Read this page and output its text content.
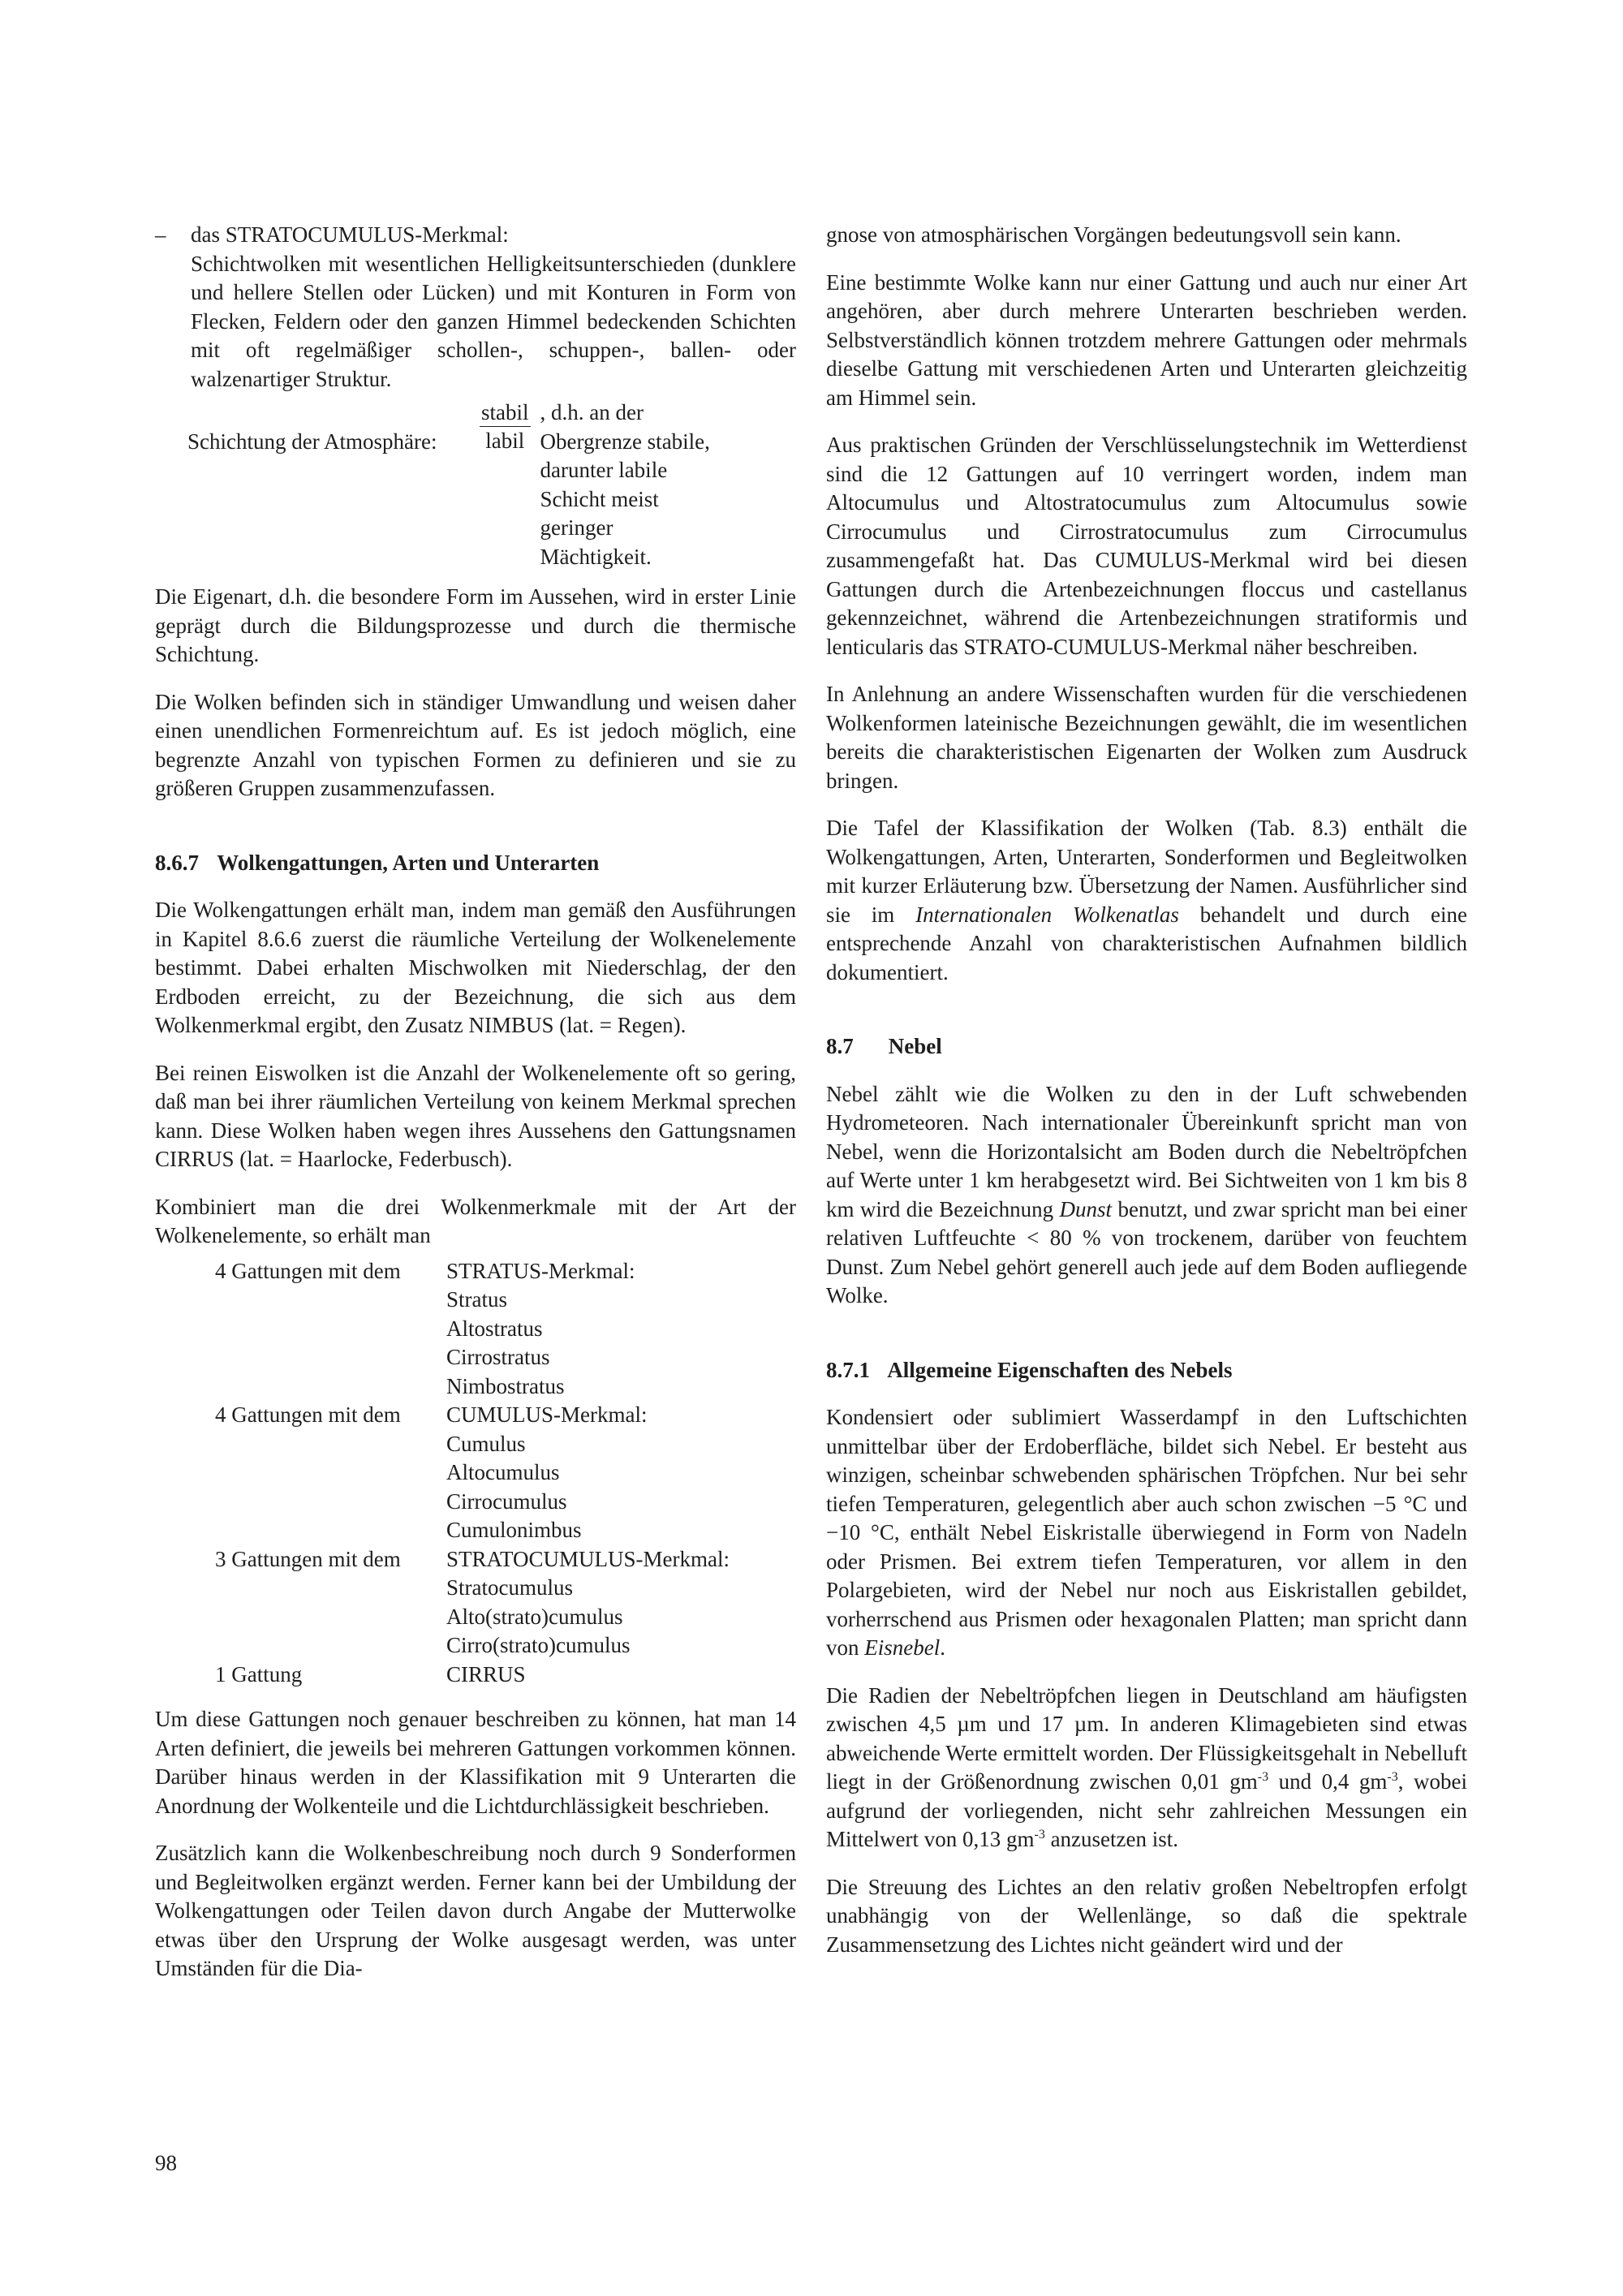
–	das STRATOCUMULUS-Merkmal:
Schichtwolken mit wesentlichen Helligkeitsunterschieden (dunklere und hellere Stellen oder Lücken) und mit Konturen in Form von Flecken, Feldern oder den ganzen Himmel bedeckenden Schichten mit oft regelmäßiger schollen-, schuppen-, ballen- oder walzenartiger Struktur.
Schichtung der Atmosphäre:	$\frac{\text{stabil}}{\text{labil}}$ , d.h. an der Obergrenze stabile, darunter labile Schicht meist geringer Mächtigkeit.

Die Eigenart, d.h. die besondere Form im Aussehen, wird in erster Linie geprägt durch die Bildungsprozesse und durch die thermische Schichtung.

Die Wolken befinden sich in ständiger Umwandlung und weisen daher einen unendlichen Formenreichtum auf. Es ist jedoch möglich, eine begrenzte Anzahl von typischen Formen zu definieren und sie zu größeren Gruppen zusammenzufassen.

8.6.7 Wolkengattungen, Arten und Unterarten

Die Wolkengattungen erhält man, indem man gemäß den Ausführungen in Kapitel 8.6.6 zuerst die räumliche Verteilung der Wolkenelemente bestimmt. Dabei erhalten Mischwolken mit Niederschlag, der den Erdboden erreicht, zu der Bezeichnung, die sich aus dem Wolkenmerkmal ergibt, den Zusatz NIMBUS (lat. = Regen).

Bei reinen Eiswolken ist die Anzahl der Wolkenelemente oft so gering, daß man bei ihrer räumlichen Verteilung von keinem Merkmal sprechen kann. Diese Wolken haben wegen ihres Aussehens den Gattungsnamen CIRRUS (lat. = Haarlocke, Federbusch).

Kombiniert man die drei Wolkenmerkmale mit der Art der Wolkenelemente, so erhält man

4 Gattungen mit dem	STRATUS-Merkmal:
Stratus
Altostratus
Cirrostratus
Nimbostratus
4 Gattungen mit dem	CUMULUS-Merkmal:
Cumulus
Altocumulus
Cirrocumulus
Cumulonimbus
3 Gattungen mit dem	STRATOCUMULUS-Merkmal:
Stratocumulus
Alto(strato)cumulus
Cirro(strato)cumulus
1 Gattung	CIRRUS

Um diese Gattungen noch genauer beschreiben zu können, hat man 14 Arten definiert, die jeweils bei mehreren Gattungen vorkommen können. Darüber hinaus werden in der Klassifikation mit 9 Unterarten die Anordnung der Wolkenteile und die Lichtdurchlässigkeit beschrieben.

Zusätzlich kann die Wolkenbeschreibung noch durch 9 Sonderformen und Begleitwolken ergänzt werden. Ferner kann bei der Umbildung der Wolkengattungen oder Teilen davon durch Angabe der Mutterwolke etwas über den Ursprung der Wolke ausgesagt werden, was unter Umständen für die Dia-

gnose von atmosphärischen Vorgängen bedeutungsvoll sein kann.

Eine bestimmte Wolke kann nur einer Gattung und auch nur einer Art angehören, aber durch mehrere Unterarten beschrieben werden. Selbstverständlich können trotzdem mehrere Gattungen oder mehrmals dieselbe Gattung mit verschiedenen Arten und Unterarten gleichzeitig am Himmel sein.

Aus praktischen Gründen der Verschlüsselungstechnik im Wetterdienst sind die 12 Gattungen auf 10 verringert worden, indem man Altocumulus und Altostratocumulus zum Altocumulus sowie Cirrocumulus und Cirrostratocumulus zum Cirrocumulus zusammengefaßt hat. Das CUMULUS-Merkmal wird bei diesen Gattungen durch die Artenbezeichnungen floccus und castellanus gekennzeichnet, während die Artenbezeichnungen stratiformis und lenticularis das STRATO-CUMULUS-Merkmal näher beschreiben.

In Anlehnung an andere Wissenschaften wurden für die verschiedenen Wolkenformen lateinische Bezeichnungen gewählt, die im wesentlichen bereits die charakteristischen Eigenarten der Wolken zum Ausdruck bringen.

Die Tafel der Klassifikation der Wolken (Tab. 8.3) enthält die Wolkengattungen, Arten, Unterarten, Sonderformen und Begleitwolken mit kurzer Erläuterung bzw. Übersetzung der Namen. Ausführlicher sind sie im Internationalen Wolkenatlas behandelt und durch eine entsprechende Anzahl von charakteristischen Aufnahmen bildlich dokumentiert.

8.7 Nebel

Nebel zählt wie die Wolken zu den in der Luft schwebenden Hydrometeoren. Nach internationaler Übereinkunft spricht man von Nebel, wenn die Horizontalsicht am Boden durch die Nebeltröpfchen auf Werte unter 1 km herabgesetzt wird. Bei Sichtweiten von 1 km bis 8 km wird die Bezeichnung Dunst benutzt, und zwar spricht man bei einer relativen Luftfeuchte < 80 % von trockenem, darüber von feuchtem Dunst. Zum Nebel gehört generell auch jede auf dem Boden aufliegende Wolke.

8.7.1 Allgemeine Eigenschaften des Nebels

Kondensiert oder sublimiert Wasserdampf in den Luftschichten unmittelbar über der Erdoberfläche, bildet sich Nebel. Er besteht aus winzigen, scheinbar schwebenden sphärischen Tröpfchen. Nur bei sehr tiefen Temperaturen, gelegentlich aber auch schon zwischen −5 °C und −10 °C, enthält Nebel Eiskristalle überwiegend in Form von Nadeln oder Prismen. Bei extrem tiefen Temperaturen, vor allem in den Polargebieten, wird der Nebel nur noch aus Eiskristallen gebildet, vorherrschend aus Prismen oder hexagonalen Platten; man spricht dann von Eisnebel.

Die Radien der Nebeltröpfchen liegen in Deutschland am häufigsten zwischen 4,5 µm und 17 µm. In anderen Klimagebieten sind etwas abweichende Werte ermittelt worden. Der Flüssigkeitsgehalt in Nebelluft liegt in der Größenordnung zwischen 0,01 $gm^{-3}$ und 0,4 $gm^{-3}$, wobei aufgrund der vorliegenden, nicht sehr zahlreichen Messungen ein Mittelwert von 0,13 $gm^{-3}$ anzusetzen ist.

Die Streuung des Lichtes an den relativ großen Nebeltropfen erfolgt unabhängig von der Wellenlänge, so daß die spektrale Zusammensetzung des Lichtes nicht geändert wird und der

98
